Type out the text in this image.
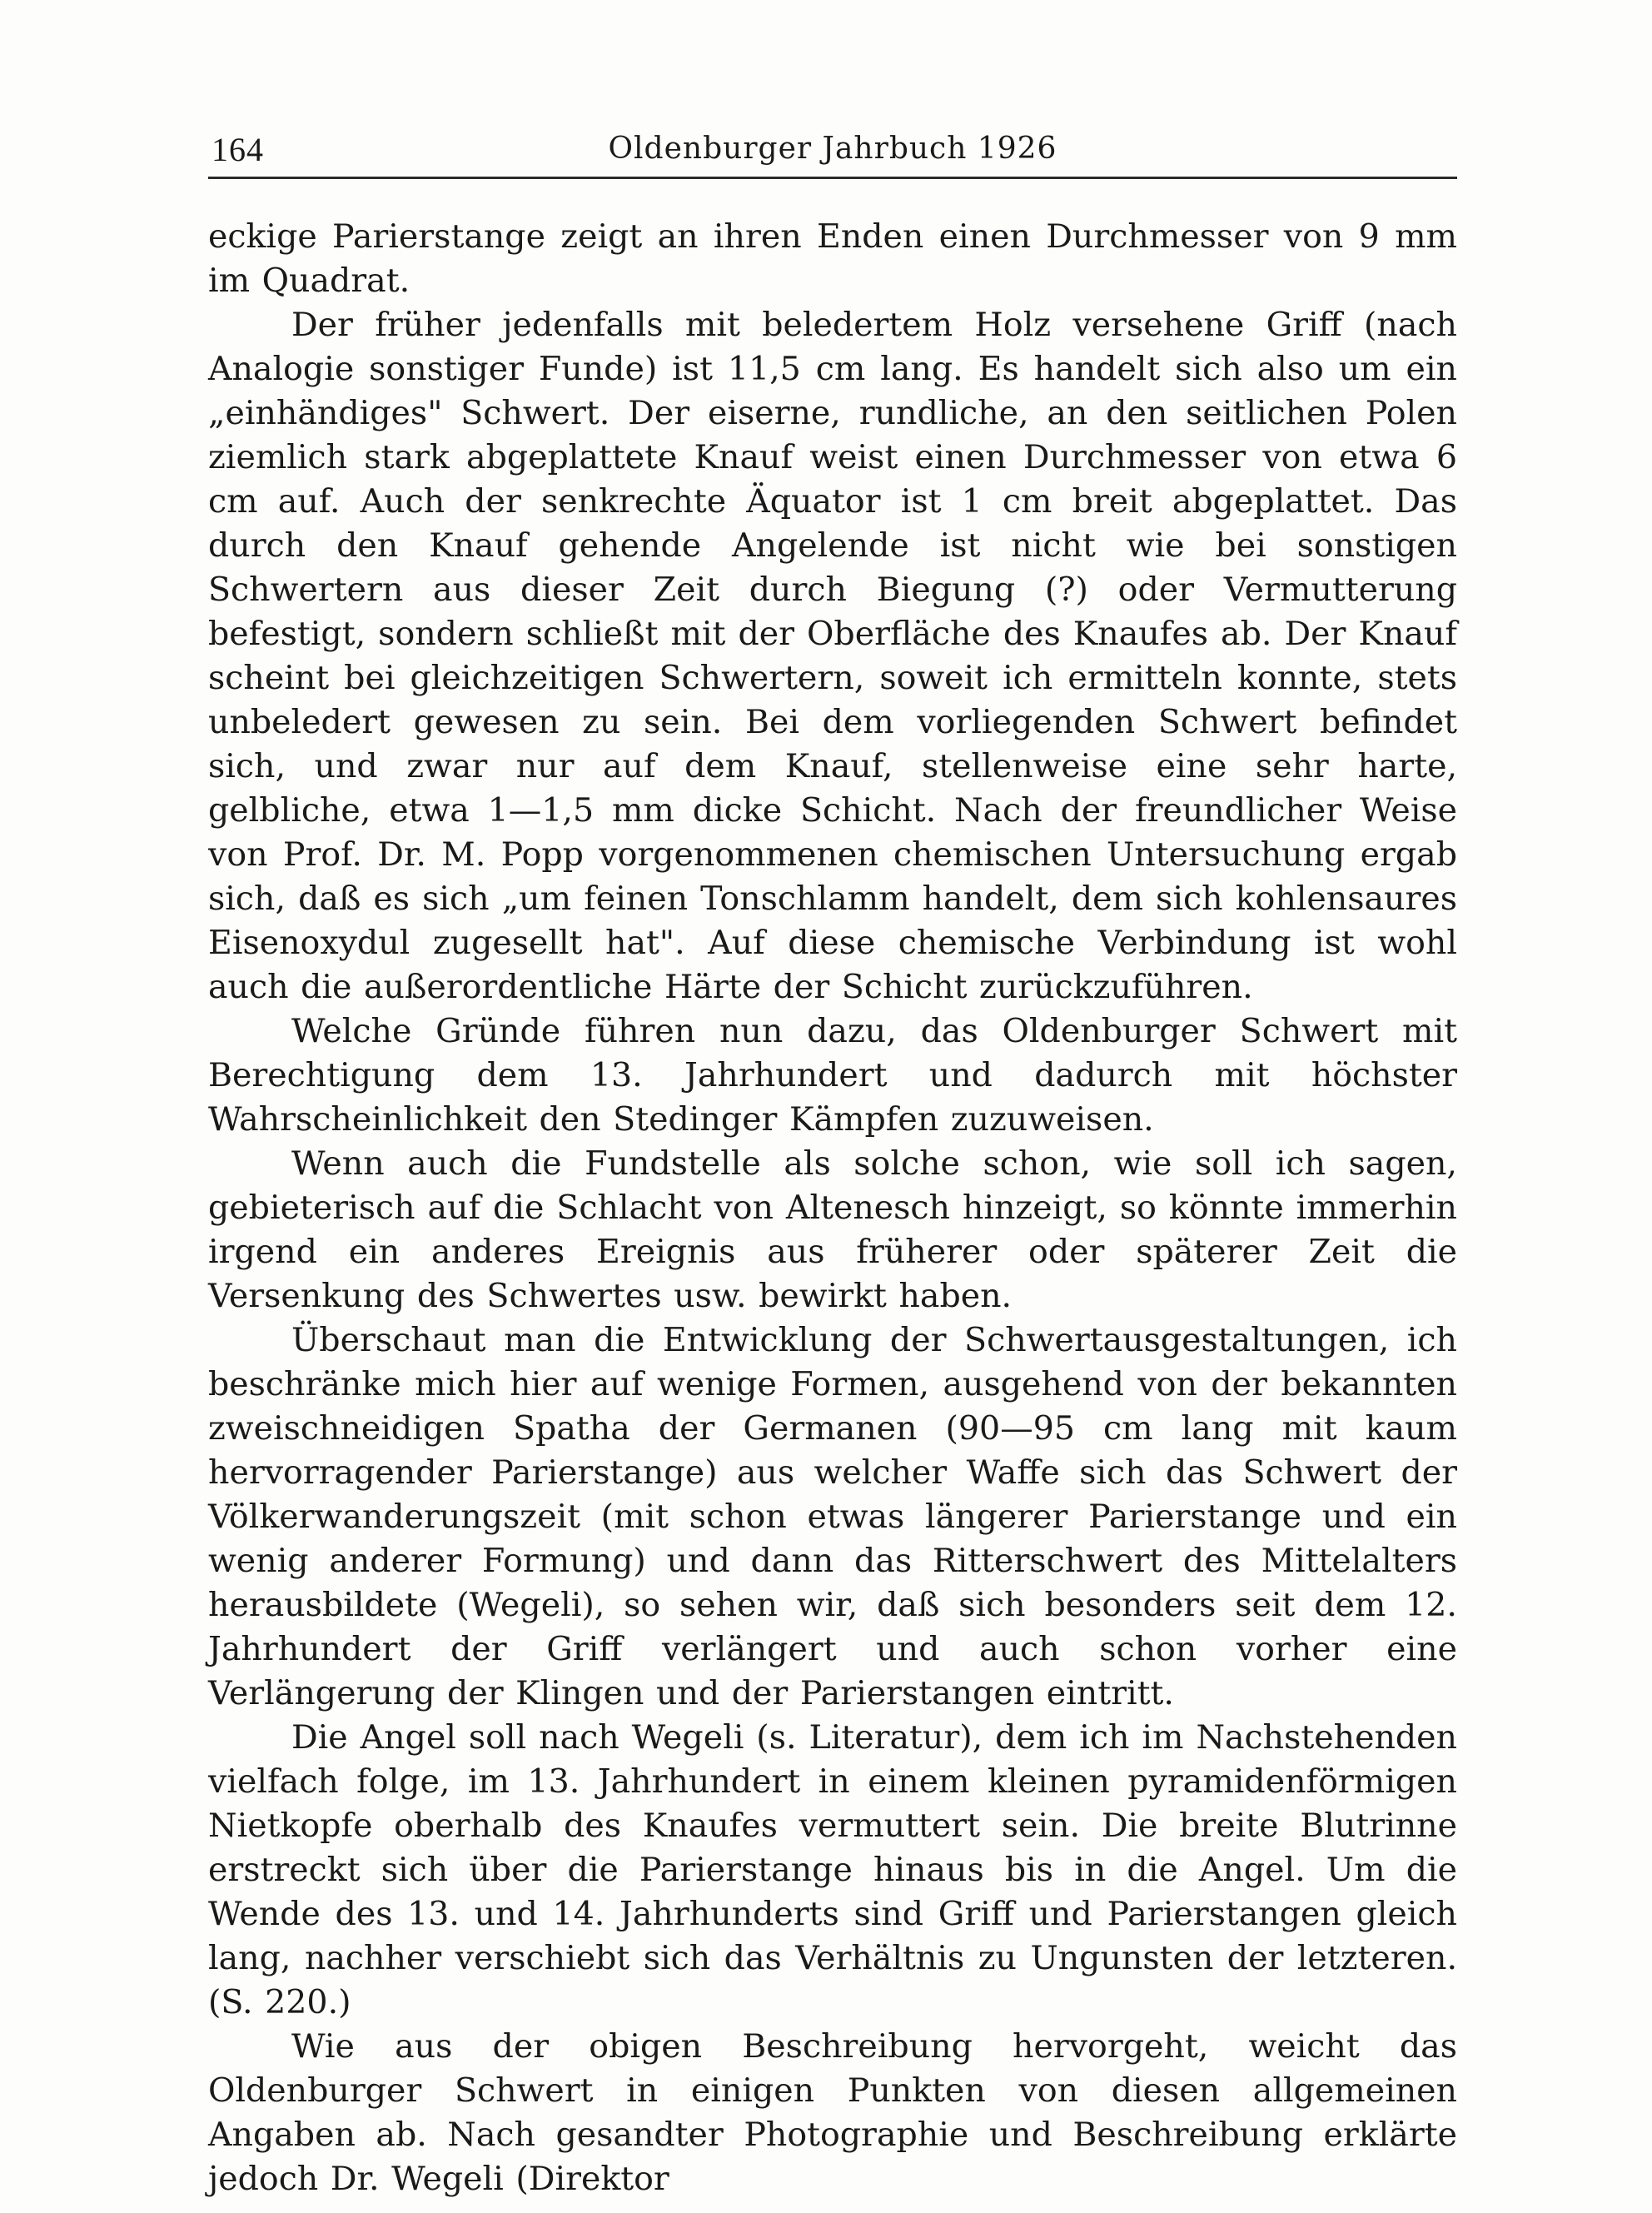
164	Oldenburger Jahrbuch 1926

eckige Parierstange zeigt an ihren Enden einen Durchmesser von 9 mm im Quadrat.

Der früher jedenfalls mit beledertem Holz versehene Griff (nach Analogie sonstiger Funde) ist 11,5 cm lang. Es handelt sich also um ein „einhändiges" Schwert. Der eiserne, rundliche, an den seitlichen Polen ziemlich stark abgeplattete Knauf weist einen Durchmesser von etwa 6 cm auf. Auch der senkrechte Äquator ist 1 cm breit abgeplattet. Das durch den Knauf gehende Angelende ist nicht wie bei sonstigen Schwertern aus dieser Zeit durch Biegung (?) oder Vermutterung befestigt, sondern schließt mit der Oberfläche des Knaufes ab. Der Knauf scheint bei gleichzeitigen Schwertern, soweit ich ermitteln konnte, stets unbeledert gewesen zu sein. Bei dem vorliegenden Schwert befindet sich, und zwar nur auf dem Knauf, stellenweise eine sehr harte, gelbliche, etwa 1—1,5 mm dicke Schicht. Nach der freundlicher Weise von Prof. Dr. M. Popp vorgenommenen chemischen Untersuchung ergab sich, daß es sich „um feinen Tonschlamm handelt, dem sich kohlensaures Eisenoxydul zugesellt hat". Auf diese chemische Verbindung ist wohl auch die außerordentliche Härte der Schicht zurückzuführen.

Welche Gründe führen nun dazu, das Oldenburger Schwert mit Berechtigung dem 13. Jahrhundert und dadurch mit höchster Wahrscheinlichkeit den Stedinger Kämpfen zuzuweisen.

Wenn auch die Fundstelle als solche schon, wie soll ich sagen, gebieterisch auf die Schlacht von Altenesch hinzeigt, so könnte immerhin irgend ein anderes Ereignis aus früherer oder späterer Zeit die Versenkung des Schwertes usw. bewirkt haben.

Überschaut man die Entwicklung der Schwertausgestaltungen, ich beschränke mich hier auf wenige Formen, ausgehend von der bekannten zweischneidigen Spatha der Germanen (90—95 cm lang mit kaum hervorragender Parierstange) aus welcher Waffe sich das Schwert der Völkerwanderungszeit (mit schon etwas längerer Parierstange und ein wenig anderer Formung) und dann das Ritterschwert des Mittelalters herausbildete (Wegeli), so sehen wir, daß sich besonders seit dem 12. Jahrhundert der Griff verlängert und auch schon vorher eine Verlängerung der Klingen und der Parierstangen eintritt.

Die Angel soll nach Wegeli (s. Literatur), dem ich im Nachstehenden vielfach folge, im 13. Jahrhundert in einem kleinen pyramidenförmigen Nietkopfe oberhalb des Knaufes vermuttert sein. Die breite Blutrinne erstreckt sich über die Parierstange hinaus bis in die Angel. Um die Wende des 13. und 14. Jahrhunderts sind Griff und Parierstangen gleich lang, nachher verschiebt sich das Verhältnis zu Ungunsten der letzteren. (S. 220.)

Wie aus der obigen Beschreibung hervorgeht, weicht das Oldenburger Schwert in einigen Punkten von diesen allgemeinen Angaben ab. Nach gesandter Photographie und Beschreibung erklärte jedoch Dr. Wegeli (Direktor
